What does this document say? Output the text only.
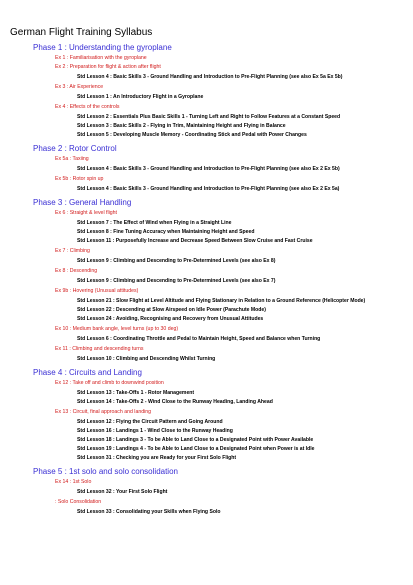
German Flight Training Syllabus
Phase 1 : Understanding the gyroplane
Ex 1 : Familiarisation with the gyroplane
Ex 2 : Preparation for flight & action after flight
Std Lesson 4 : Basic Skills 3 - Ground Handling and Introduction to Pre-Flight Planning (see also Ex 5a Ex 5b)
Ex 3 : Air Experience
Std Lesson 1 : An Introductory Flight in a Gyroplane
Ex 4 : Effects of the controls
Std Lesson 2 : Essentials Plus Basic Skills 1 - Turning Left and Right to Follow Features at a Constant Speed
Std Lesson 3 : Basic Skills 2 - Flying in Trim, Maintaining Height and Flying in Balance
Std Lesson 5 : Developing Muscle Memory - Coordinating Stick and Pedal with Power Changes
Phase 2 : Rotor Control
Ex 5a : Taxiing
Std Lesson 4 : Basic Skills 3 - Ground Handling and Introduction to Pre-Flight Planning (see also Ex 2 Ex 5b)
Ex 5b : Rotor spin up
Std Lesson 4 : Basic Skills 3 - Ground Handling and Introduction to Pre-Flight Planning (see also Ex 2 Ex 5a)
Phase 3 : General Handling
Ex 6 : Straight & level flight
Std Lesson 7 : The Effect of Wind when Flying in a Straight Line
Std Lesson 8 : Fine Tuning Accuracy when Maintaining Height and Speed
Std Lesson 11 : Purposefully Increase and Decrease Speed Between Slow Cruise and Fast Cruise
Ex 7 : Climbing
Std Lesson 9 : Climbing and Descending to Pre-Determined Levels (see also Ex 8)
Ex 8 : Descending
Std Lesson 9 : Climbing and Descending to Pre-Determined Levels (see also Ex 7)
Ex 9b : Hovering (Unusual attitudes)
Std Lesson 21 : Slow Flight at Level Altitude and Flying Stationary in Relation to a Ground Reference (Helicopter Mode)
Std Lesson 22 : Descending at Slow Airspeed on Idle Power (Parachute Mode)
Std Lesson 24 : Avoiding, Recognising and Recovery from Unusual Attitudes
Ex 10 : Medium bank angle, level turns (up to 30 deg)
Std Lesson 6 : Coordinating Throttle and Pedal to Maintain Height, Speed and Balance when Turning
Ex 11 : Climbing and descending turns
Std Lesson 10 : Climbing and Descending Whilst Turning
Phase 4 : Circuits and Landing
Ex 12 : Take off and climb to downwind position
Std Lesson 13 : Take-Offs 1 - Rotor Management
Std Lesson 14 : Take-Offs 2 - Wind Close to the Runway Heading, Landing Ahead
Ex 13 : Circuit, final approach and landing
Std Lesson 12 : Flying the Circuit Pattern and Going Around
Std Lesson 16 : Landings 1 - Wind Close to the Runway Heading
Std Lesson 18 : Landings 3 - To be Able to Land Close to a Designated Point with Power Available
Std Lesson 19 : Landings 4 - To be Able to Land Close to a Designated Point when Power is at Idle
Std Lesson 31 : Checking you are Ready for your First Solo Flight
Phase 5 : 1st solo and solo consolidation
Ex 14 : 1st Solo
Std Lesson 32 : Your First Solo Flight
: Solo Consolidation
Std Lesson 33 : Consolidating your Skills when Flying Solo
